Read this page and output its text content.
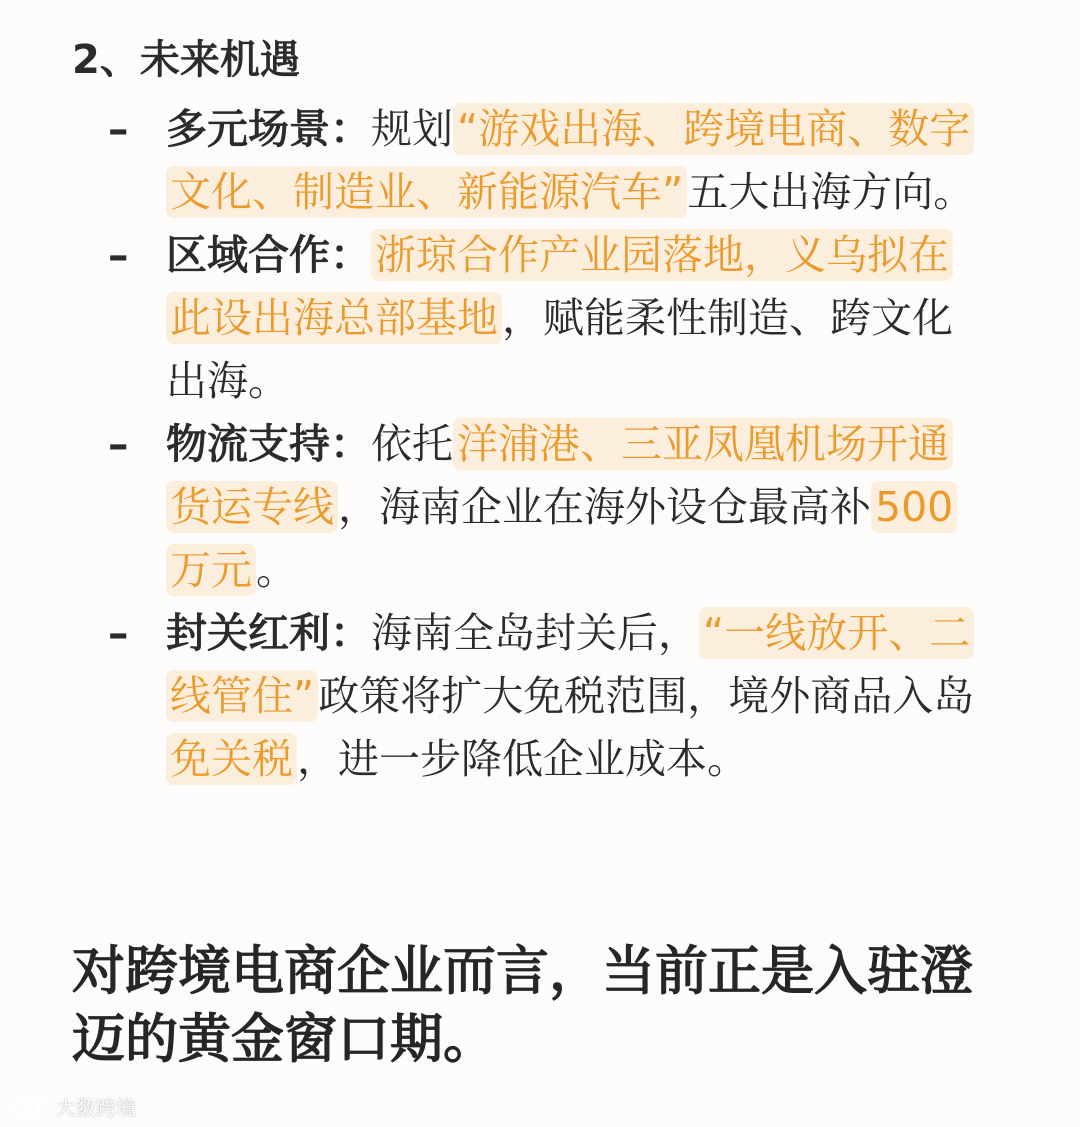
2、未来机遇
– 多元场景：规划“游戏出海、跨境电商、数字文化、制造业、新能源汽车”五大出海方向。
– 区域合作：浙琼合作产业园落地，义乌拟在此设出海总部基地，赋能柔性制造、跨文化出海。
– 物流支持：依托洋浦港、三亚凤凰机场开通货运专线，海南企业在海外设仓最高补500 万元。
– 封关红利：海南全岛封关后，“一线放开、二线管住”政策将扩大免税范围，境外商品入岛免关税，进一步降低企业成本。

对跨境电商企业而言，当前正是入驻澄迈的黄金窗口期。

大数跨境
